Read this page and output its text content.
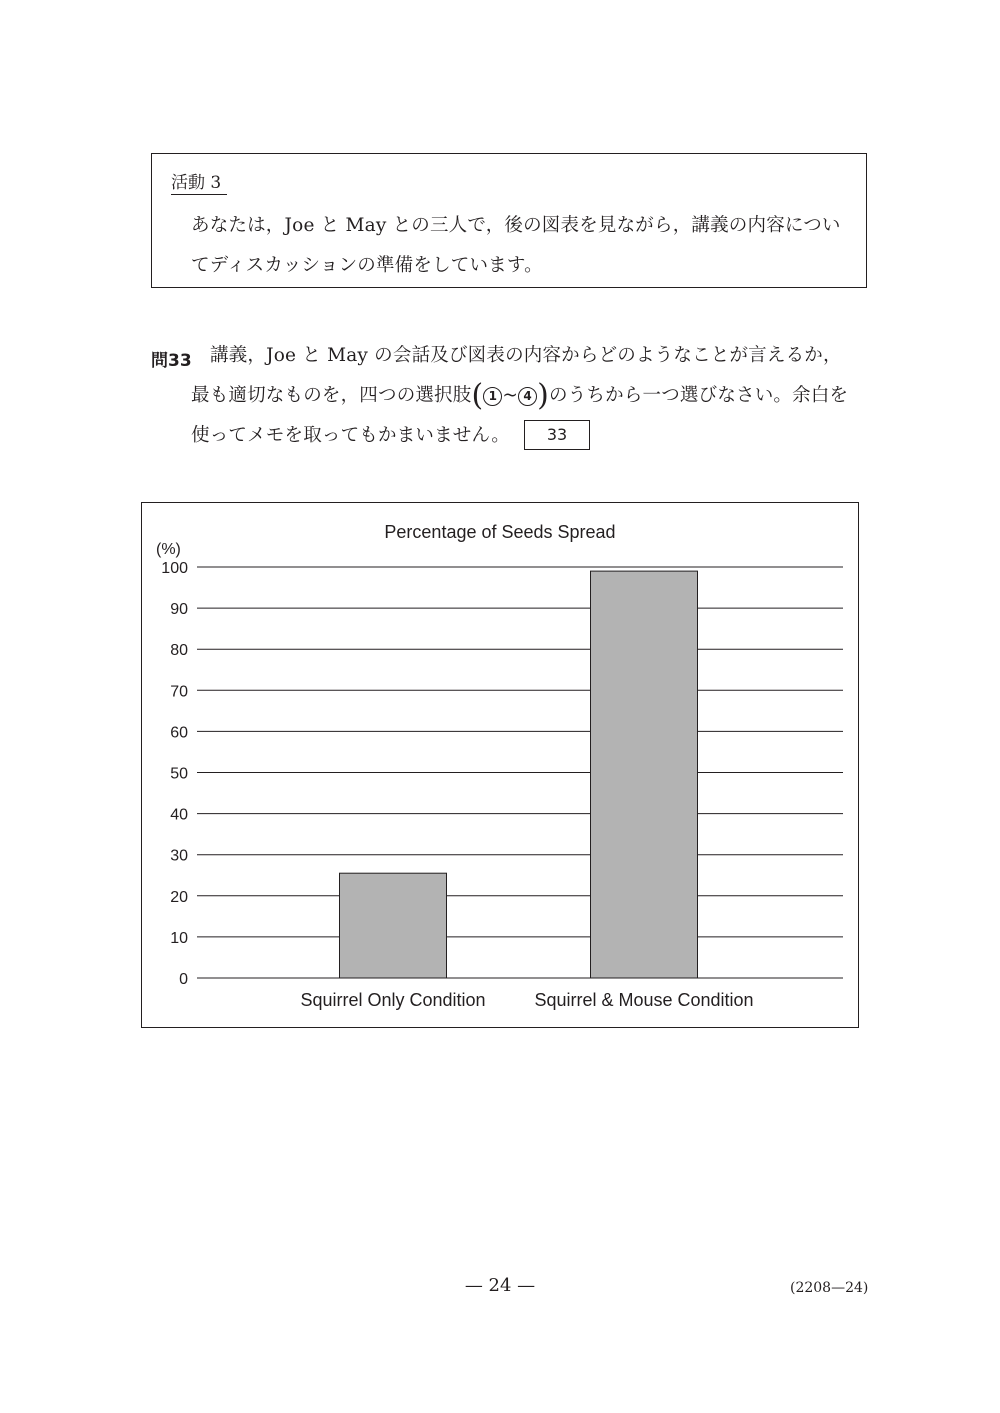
活動 3
あなたは，Joe と May との三人で，後の図表を見ながら，講義の内容についてディスカッションの準備をしています。
問33 講義，Joe と May の会話及び図表の内容からどのようなことが言えるか，
最も適切なものを，四つの選択肢( 1 ~ 4 )のうちから一つ選びなさい。余白を
使ってメモを取ってもかまいません。	33
Percentage of Seeds Spread
(%)
0
10
20
30
40
50
60
70
80
90
100
Squirrel Only Condition	Squirrel & Mouse Condition
— 24 —	(2208—24)
